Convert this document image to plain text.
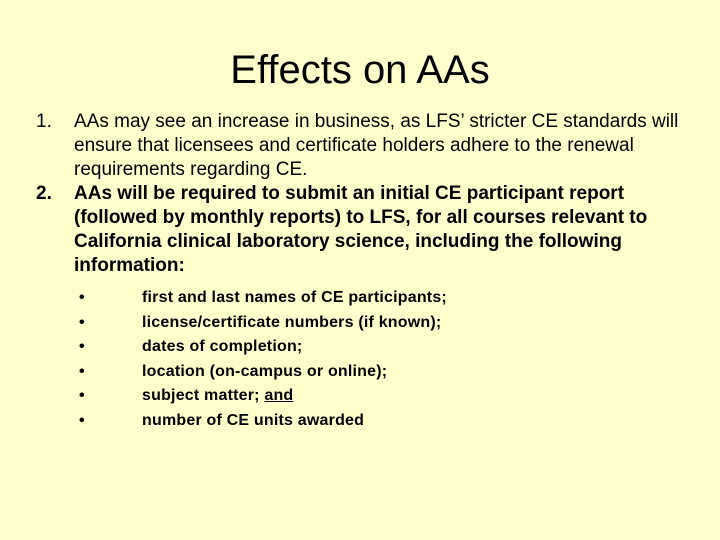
Effects on AAs
1. AAs may see an increase in business, as LFS’ stricter CE standards will ensure that licensees and certificate holders adhere to the renewal requirements regarding CE.
2. AAs will be required to submit an initial CE participant report (followed by monthly reports) to LFS, for all courses relevant to California clinical laboratory science, including the following information:
•	first and last names of CE participants;
•	license/certificate numbers (if known);
•	dates of completion;
•	location (on-campus or online);
•	subject matter; and
•	number of CE units awarded
